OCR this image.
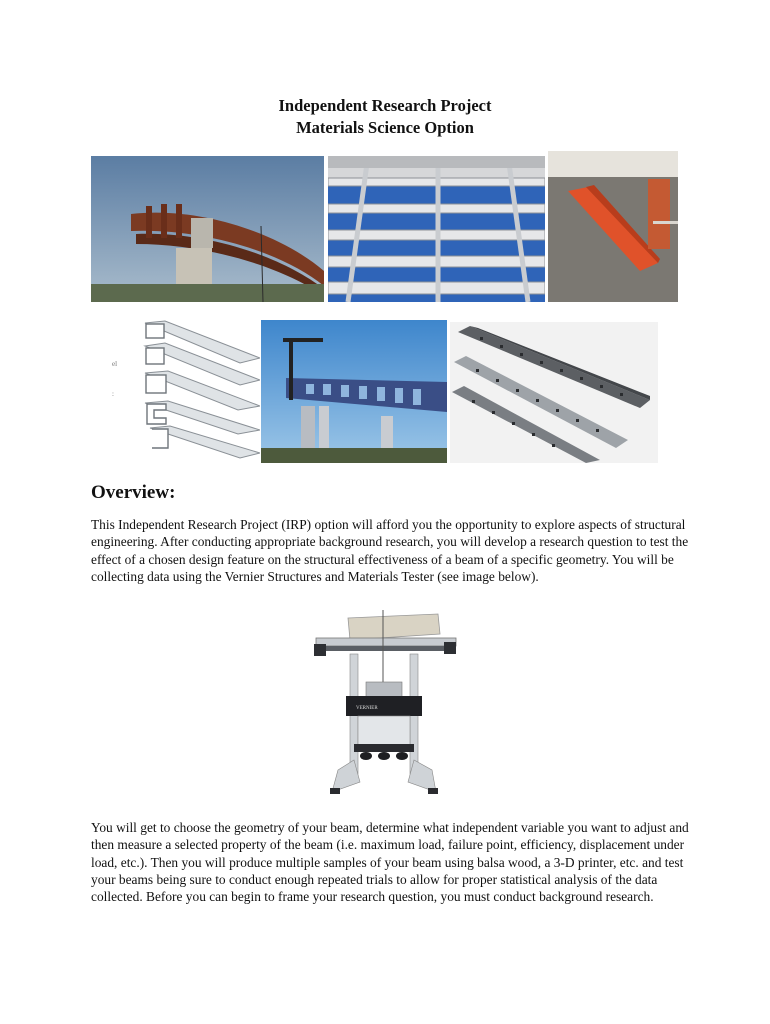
Independent Research Project
Materials Science Option
el
:
Overview:

This Independent Research Project (IRP) option will afford you the opportunity to explore aspects of structural engineering. After conducting appropriate background research, you will develop a research question to test the effect of a chosen design feature on the structural effectiveness of a beam of a specific geometry. You will be collecting data using the Vernier Structures and Materials Tester (see image below).

VERNIER

You will get to choose the geometry of your beam, determine what independent variable you want to adjust and then measure a selected property of the beam (i.e. maximum load, failure point, efficiency, displacement under load, etc.). Then you will produce multiple samples of your beam using balsa wood, a 3-D printer, etc. and test your beams being sure to conduct enough repeated trials to allow for proper statistical analysis of the data collected. Before you can begin to frame your research question, you must conduct background research.
